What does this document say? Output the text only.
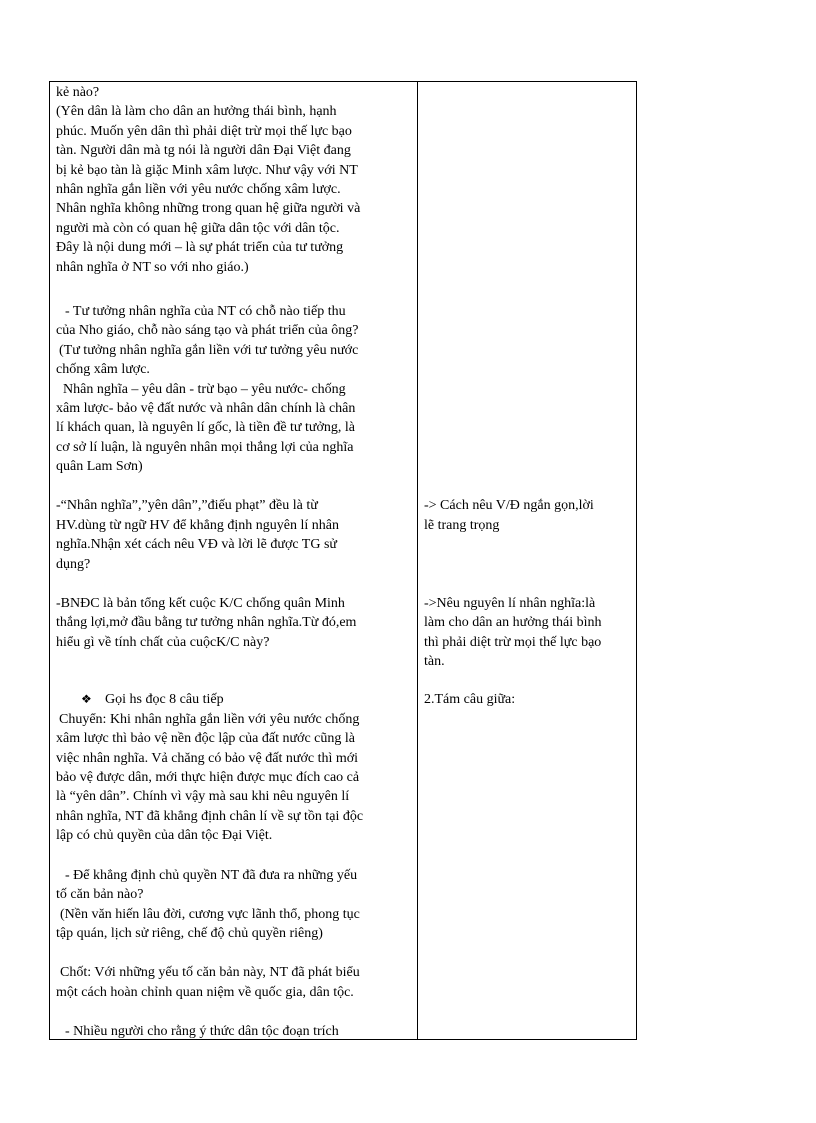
kẻ nào?
(Yên dân là làm cho dân an hưởng thái bình, hạnh
phúc. Muốn yên dân thì phải diệt trừ mọi thế lực bạo
tàn. Người dân mà tg nói là người dân Đại Việt đang
bị kẻ bạo tàn là giặc Minh xâm lược. Như vậy với NT
nhân nghĩa gắn liền với yêu nước chống xâm lược.
Nhân nghĩa không những trong quan hệ giữa người và
người mà còn có quan hệ giữa dân tộc với dân tộc.
Đây là nội dung mới – là sự phát triển của tư tưởng
nhân nghĩa ở NT so với nho giáo.)
- Tư tưởng nhân nghĩa của NT có chỗ nào tiếp thu
của Nho giáo, chỗ nào sáng tạo và phát triển của ông?
(Tư tưởng nhân nghĩa gắn liền với tư tưởng yêu nước
chống xâm lược.
Nhân nghĩa – yêu dân - trừ bạo – yêu nước- chống
xâm lược- bảo vệ đất nước và nhân dân chính là chân
lí khách quan, là nguyên lí gốc, là tiền đề tư tưởng, là
cơ sở lí luận, là nguyên nhân mọi thắng lợi của nghĩa
quân Lam Sơn)
-“Nhân nghĩa”,”yên dân”,”điếu phạt” đều là từ
HV.dùng từ ngữ HV để khẳng định nguyên lí nhân
nghĩa.Nhận xét cách nêu VĐ và lời lẽ được TG sử
dụng?
-BNĐC là bản tổng kết cuộc K/C chống quân Minh
thắng lợi,mở đầu bằng tư tưởng nhân nghĩa.Từ đó,em
hiểu gì về tính chất của cuộcK/C này?
❖ Gọi hs đọc 8 câu tiếp
Chuyển: Khi nhân nghĩa gắn liền với yêu nước chống
xâm lược thì bảo vệ nền độc lập của đất nước cũng là
việc nhân nghĩa. Vả chăng có bảo vệ đất nước thì mới
bảo vệ được dân, mới thực hiện được mục đích cao cả
là “yên dân”. Chính vì vậy mà sau khi nêu nguyên lí
nhân nghĩa, NT đã khẳng định chân lí về sự tồn tại độc
lập có chủ quyền của dân tộc Đại Việt.
- Để khẳng định chủ quyền NT đã đưa ra những yếu
tố căn bản nào?
(Nền văn hiến lâu đời, cương vực lãnh thổ, phong tục
tập quán, lịch sử riêng, chế độ chủ quyền riêng)
Chốt: Với những yếu tố căn bản này, NT đã phát biểu
một cách hoàn chỉnh quan niệm về quốc gia, dân tộc.
- Nhiều người cho rằng ý thức dân tộc đoạn trích
-> Cách nêu V/Đ ngắn gọn,lời
lẽ trang trọng
->Nêu nguyên lí nhân nghĩa:là
làm cho dân an hưởng thái bình
thì phải diệt trừ mọi thế lực bạo
tàn.
2.Tám câu giữa:
